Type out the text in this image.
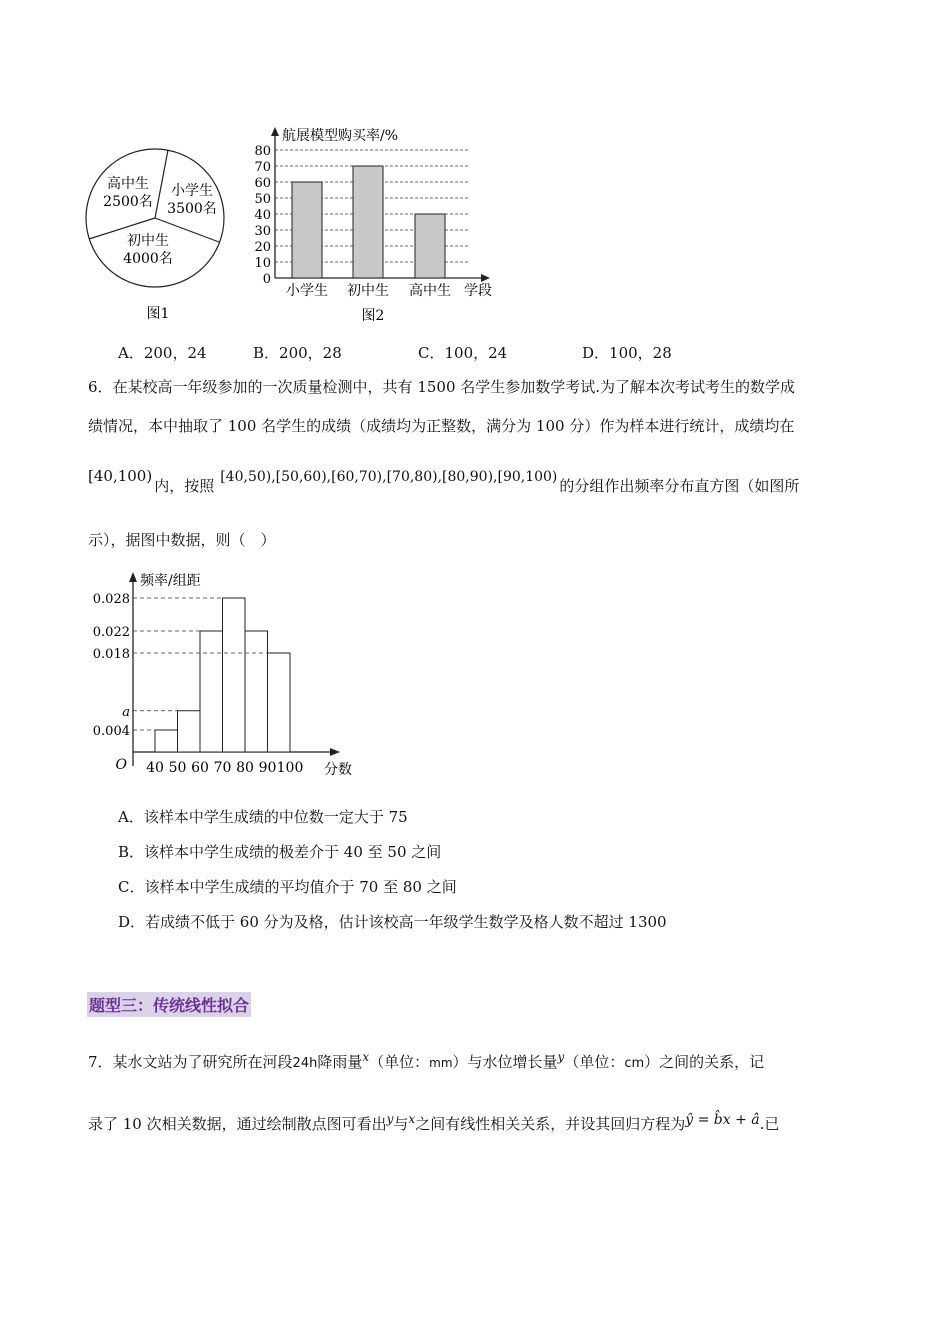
高中生
2500名
小学生
3500名
初中生
4000名
图1
航展模型购买率/%
0
10
20
30
40
50
60
70
80
小学生 初中生 高中生 学段
图2
A．200，24	B．200，28	C．100，24	D．100，28
6．在某校高一年级参加的一次质量检测中，共有 1500 名学生参加数学考试.为了解本次考试考生的数学成
绩情况，本中抽取了 100 名学生的成绩（成绩均为正整数，满分为 100 分）作为样本进行统计，成绩均在
[40,100)内，按照 [40,50),[50,60),[60,70),[70,80),[80,90),[90,100) 的分组作出频率分布直方图（如图所
示），据图中数据，则（　）
频率/组距
0.004
a
0.018
0.022
0.028
40 50 60 70 80 90 100
O	分数
A．该样本中学生成绩的中位数一定大于 75
B．该样本中学生成绩的极差介于 40 至 50 之间
C．该样本中学生成绩的平均值介于 70 至 80 之间
D．若成绩不低于 60 分为及格，估计该校高一年级学生数学及格人数不超过 1300
题型三：传统线性拟合
7．某水文站为了研究所在河段24h降雨量$^x$（单位：mm）与水位增长量$^y$（单位：cm）之间的关系，记
录了 10 次相关数据，通过绘制散点图可看出$^y$与$^x$之间有线性相关关系，并设其回归方程为ŷ = b̂x + â.已
